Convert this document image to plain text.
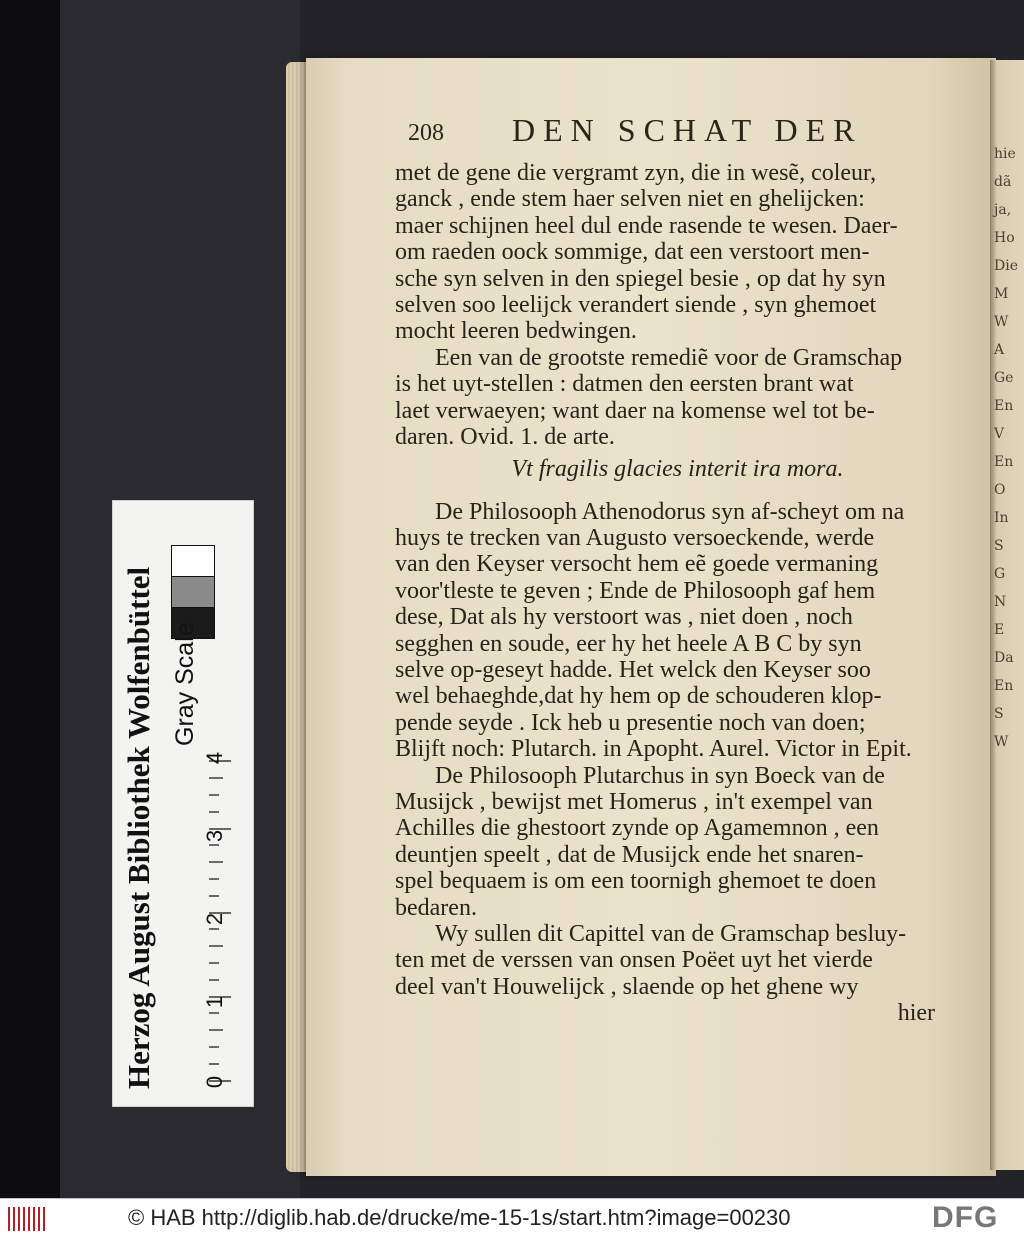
Herzog August Bibliothek Wolfenbüttel Gray Scale
0
1
2
3
4
hie
dã
ja,
Ho
Die
M
W
A
Ge
En
V
En
O
In
S
G
N
E
Da
En
S
W
208 DEN SCHAT DER
met de gene die vergramt zyn, die in wesẽ, coleur,
ganck , ende stem haer selven niet en ghelijcken:
maer schijnen heel dul ende rasende te wesen. Daer-
om raeden oock sommige, dat een verstoort men-
sche syn selven in den spiegel besie , op dat hy syn
selven soo leelijck verandert siende , syn ghemoet
mocht leeren bedwingen.
Een van de grootste remediẽ voor de Gramschap
is het uyt-stellen : datmen den eersten brant wat
laet verwaeyen; want daer na komense wel tot be-
daren. Ovid. 1. de arte.
Vt fragilis glacies interit ira mora.
De Philosooph Athenodorus syn af-scheyt om na
huys te trecken van Augusto versoeckende, werde
van den Keyser versocht hem eẽ goede vermaning
voor'tleste te geven ; Ende de Philosooph gaf hem
dese, Dat als hy verstoort was , niet doen , noch
segghen en soude, eer hy het heele A B C by syn
selve op-geseyt hadde. Het welck den Keyser soo
wel behaeghde,dat hy hem op de schouderen klop-
pende seyde . Ick heb u presentie noch van doen;
Blijft noch: Plutarch. in Apopht. Aurel. Victor in Epit.
De Philosooph Plutarchus in syn Boeck van de
Musijck , bewijst met Homerus , in't exempel van
Achilles die ghestoort zynde op Agamemnon , een
deuntjen speelt , dat de Musijck ende het snaren-
spel bequaem is om een toornigh ghemoet te doen
bedaren.
Wy sullen dit Capittel van de Gramschap besluy-
ten met de verssen van onsen Poëet uyt het vierde
deel van't Houwelijck , slaende op het ghene wy
hier
© HAB http://diglib.hab.de/drucke/me-15-1s/start.htm?image=00230	DFG
